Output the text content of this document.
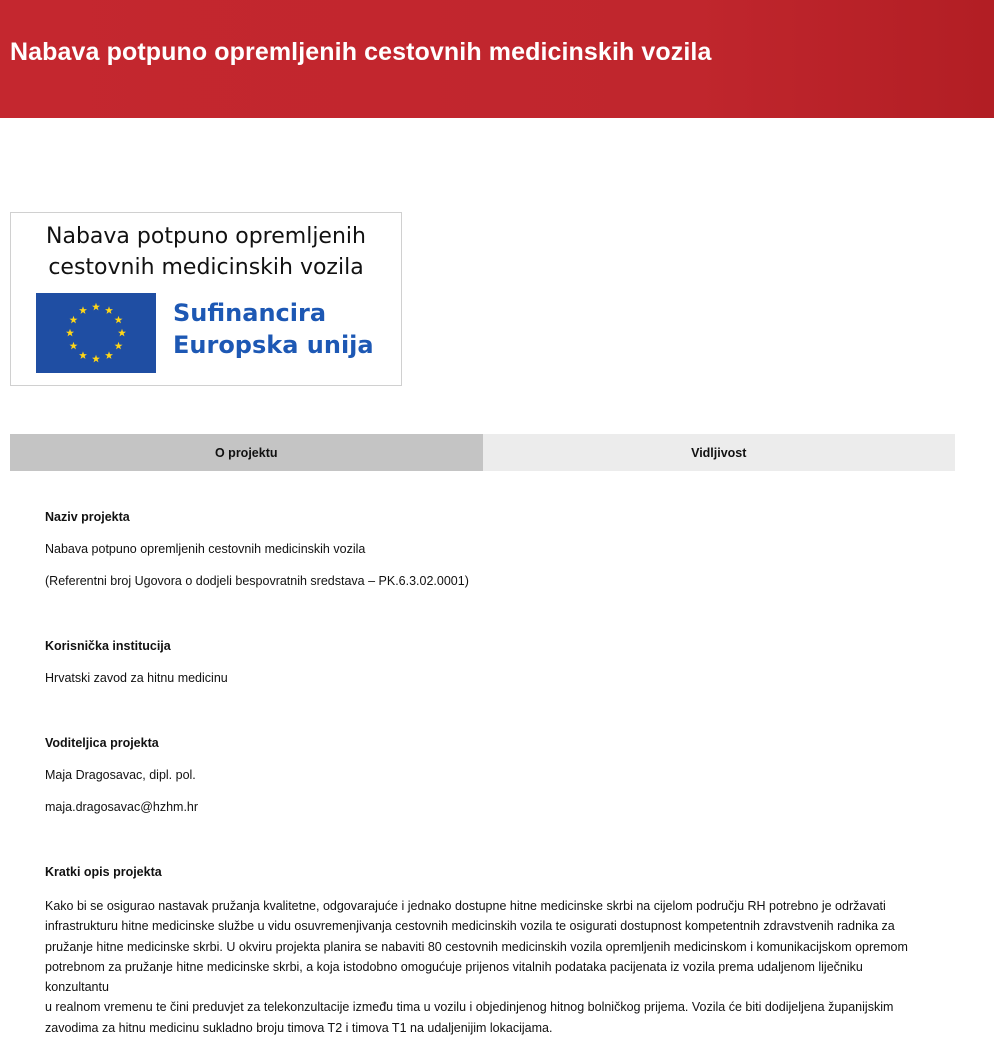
Nabava potpuno opremljenih cestovnih medicinskih vozila
Nabava potpuno opremljenih
cestovnih medicinskih vozila
Sufinancira
Europska unija
O projektu	Vidljivost
Naziv projekta
Nabava potpuno opremljenih cestovnih medicinskih vozila
(Referentni broj Ugovora o dodjeli bespovratnih sredstava – PK.6.3.02.0001)
Korisnička institucija
Hrvatski zavod za hitnu medicinu
Voditeljica projekta
Maja Dragosavac, dipl. pol.
maja.dragosavac@hzhm.hr
Kratki opis projekta
Kako bi se osigurao nastavak pružanja kvalitetne, odgovarajuće i jednako dostupne hitne medicinske skrbi na cijelom području RH potrebno je održavati
infrastrukturu hitne medicinske službe u vidu osuvremenjivanja cestovnih medicinskih vozila te osigurati dostupnost kompetentnih zdravstvenih radnika za
pružanje hitne medicinske skrbi. U okviru projekta planira se nabaviti 80 cestovnih medicinskih vozila opremljenih medicinskom i komunikacijskom opremom
potrebnom za pružanje hitne medicinske skrbi, a koja istodobno omogućuje prijenos vitalnih podataka pacijenata iz vozila prema udaljenom liječniku konzultantu
u realnom vremenu te čini preduvjet za telekonzultacije između tima u vozilu i objedinjenog hitnog bolničkog prijema. Vozila će biti dodijeljena županijskim
zavodima za hitnu medicinu sukladno broju timova T2 i timova T1 na udaljenijim lokacijama.
